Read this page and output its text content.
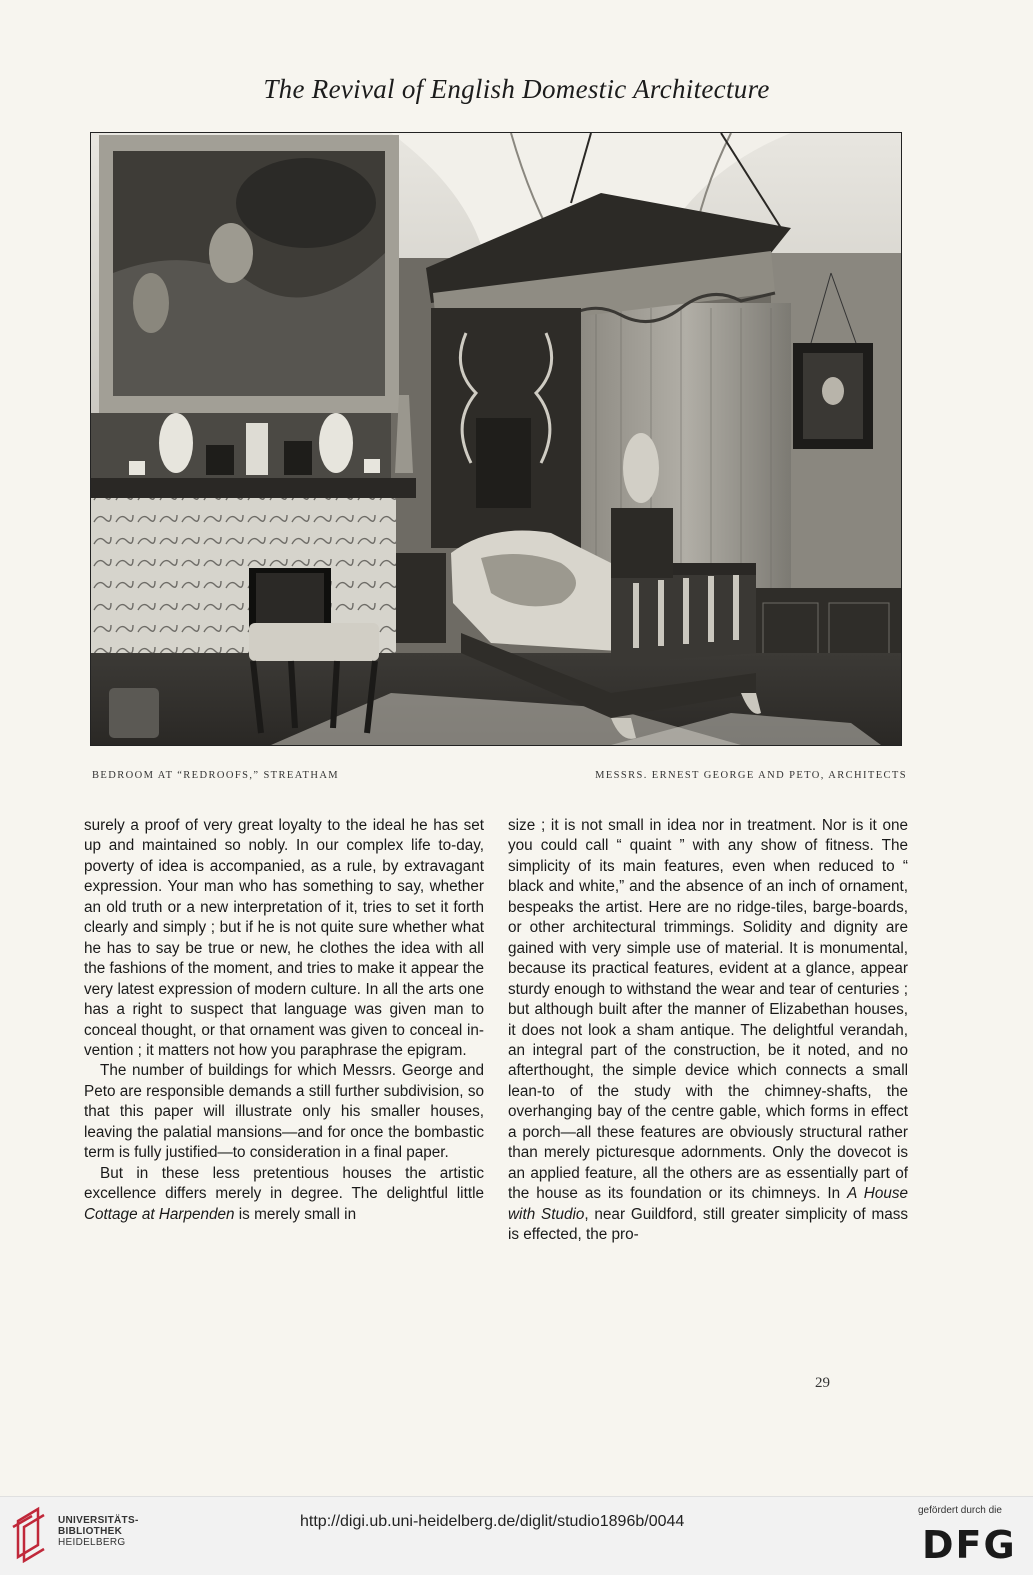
The Revival of English Domestic Architecture
BEDROOM AT “REDROOFS,” STREATHAM	MESSRS. ERNEST GEORGE AND PETO, ARCHITECTS

surely a proof of very great loyalty to the ideal he has set up and maintained so nobly. In our complex life to-day, poverty of idea is accompanied, as a rule, by extravagant expression. Your man who has something to say, whether an old truth or a new interpretation of it, tries to set it forth clearly and simply ; but if he is not quite sure whether what he has to say be true or new, he clothes the idea with all the fashions of the moment, and tries to make it appear the very latest expression of modern culture. In all the arts one has a right to suspect that language was given man to conceal thought, or that ornament was given to conceal invention ; it matters not how you paraphrase the epigram.

The number of buildings for which Messrs. George and Peto are responsible demands a still further subdivision, so that this paper will illustrate only his smaller houses, leaving the palatial mansions—and for once the bombastic term is fully justified—to consideration in a final paper.

But in these less pretentious houses the artistic excellence differs merely in degree. The delightful little Cottage at Harpenden is merely small in

size ; it is not small in idea nor in treatment. Nor is it one you could call “ quaint ” with any show of fitness. The simplicity of its main features, even when reduced to “ black and white,” and the absence of an inch of ornament, bespeaks the artist. Here are no ridge-tiles, barge-boards, or other architectural trimmings. Solidity and dignity are gained with very simple use of material. It is monumental, because its practical features, evident at a glance, appear sturdy enough to withstand the wear and tear of centuries ; but although built after the manner of Elizabethan houses, it does not look a sham antique. The delightful verandah, an integral part of the construction, be it noted, and no afterthought, the simple device which connects a small lean-to of the study with the chimney-shafts, the overhanging bay of the centre gable, which forms in effect a porch—all these features are obviously structural rather than merely picturesque adornments. Only the dovecot is an applied feature, all the others are as essentially part of the house as its foundation or its chimneys. In A House with Studio, near Guildford, still greater simplicity of mass is effected, the pro-

29
UNIVERSITÄTS-
BIBLIOTHEK
HEIDELBERG
http://digi.ub.uni-heidelberg.de/diglit/studio1896b/0044
gefördert durch die
DFG
